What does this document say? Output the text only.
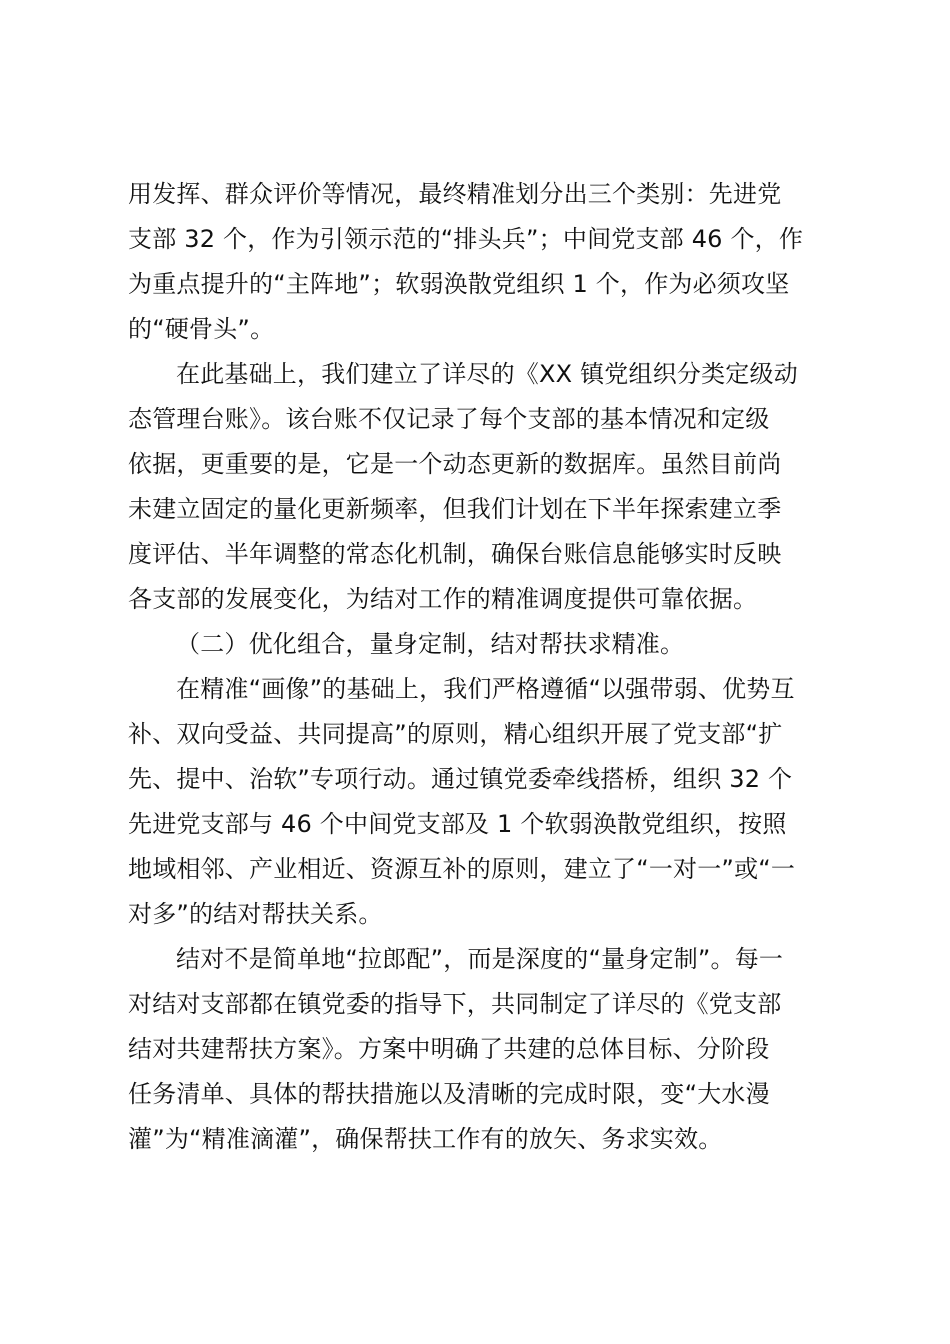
用发挥、群众评价等情况，最终精准划分出三个类别：先进党
支部 32 个，作为引领示范的“排头兵”；中间党支部 46 个，作
为重点提升的“主阵地”；软弱涣散党组织 1 个，作为必须攻坚
的“硬骨头”。
在此基础上，我们建立了详尽的《XX 镇党组织分类定级动
态管理台账》。该台账不仅记录了每个支部的基本情况和定级
依据，更重要的是，它是一个动态更新的数据库。虽然目前尚
未建立固定的量化更新频率，但我们计划在下半年探索建立季
度评估、半年调整的常态化机制，确保台账信息能够实时反映
各支部的发展变化，为结对工作的精准调度提供可靠依据。
（二）优化组合，量身定制，结对帮扶求精准。
在精准“画像”的基础上，我们严格遵循“以强带弱、优势互
补、双向受益、共同提高”的原则，精心组织开展了党支部“扩
先、提中、治软”专项行动。通过镇党委牵线搭桥，组织 32 个
先进党支部与 46 个中间党支部及 1 个软弱涣散党组织，按照
地域相邻、产业相近、资源互补的原则，建立了“一对一”或“一
对多”的结对帮扶关系。
结对不是简单地“拉郎配”，而是深度的“量身定制”。每一
对结对支部都在镇党委的指导下，共同制定了详尽的《党支部
结对共建帮扶方案》。方案中明确了共建的总体目标、分阶段
任务清单、具体的帮扶措施以及清晰的完成时限，变“大水漫
灌”为“精准滴灌”，确保帮扶工作有的放矢、务求实效。
